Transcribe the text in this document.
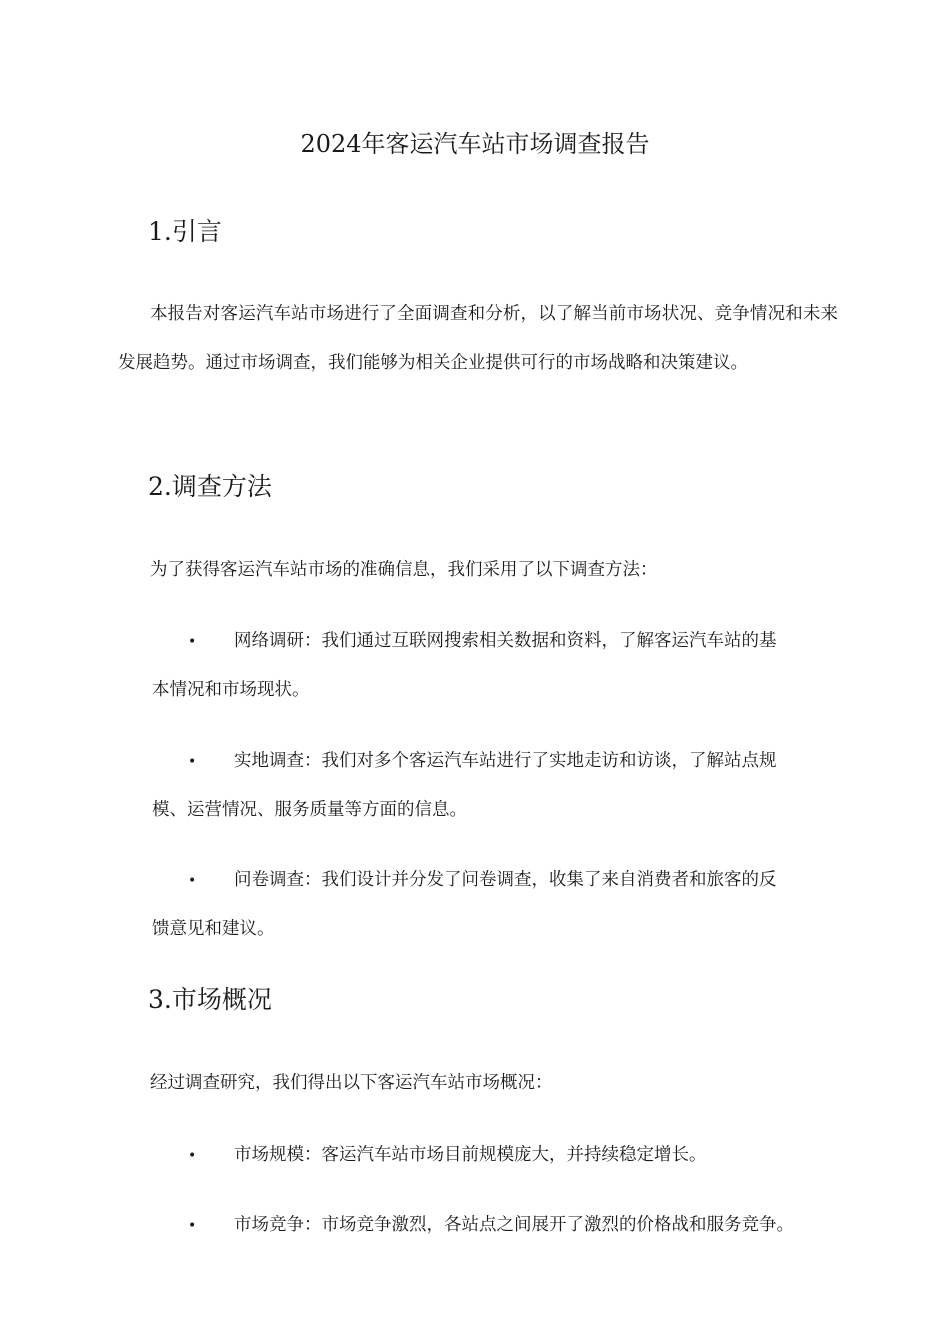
2024年客运汽车站市场调查报告
1.引言
本报告对客运汽车站市场进行了全面调查和分析，以了解当前市场状况、竞争情况和未来发展趋势。通过市场调查，我们能够为相关企业提供可行的市场战略和决策建议。
2.调查方法
为了获得客运汽车站市场的准确信息，我们采用了以下调查方法：
•	网络调研：我们通过互联网搜索相关数据和资料，了解客运汽车站的基
本情况和市场现状。
•	实地调查：我们对多个客运汽车站进行了实地走访和访谈，了解站点规
模、运营情况、服务质量等方面的信息。
•	问卷调查：我们设计并分发了问卷调查，收集了来自消费者和旅客的反
馈意见和建议。
3.市场概况
经过调查研究，我们得出以下客运汽车站市场概况：
•	市场规模：客运汽车站市场目前规模庞大，并持续稳定增长。
•	市场竞争：市场竞争激烈，各站点之间展开了激烈的价格战和服务竞争。
